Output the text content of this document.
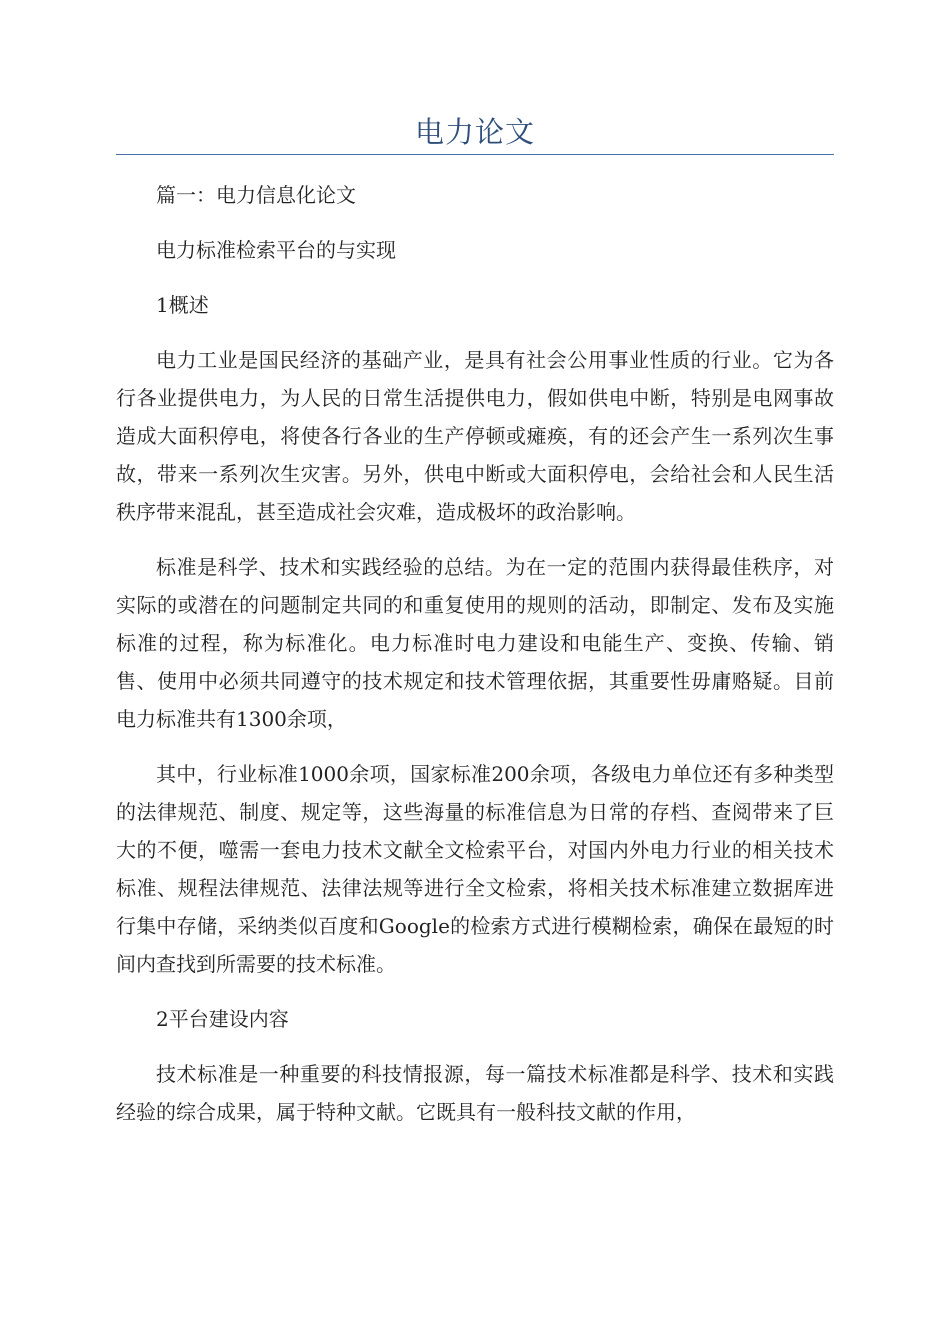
电力论文

篇一：电力信息化论文

电力标准检索平台的与实现

1概述

电力工业是国民经济的基础产业，是具有社会公用事业性质的行业。它为各行各业提供电力，为人民的日常生活提供电力，假如供电中断，特别是电网事故造成大面积停电，将使各行各业的生产停顿或瘫痪，有的还会产生一系列次生事故，带来一系列次生灾害。另外，供电中断或大面积停电，会给社会和人民生活秩序带来混乱，甚至造成社会灾难，造成极坏的政治影响。

标准是科学、技术和实践经验的总结。为在一定的范围内获得最佳秩序，对实际的或潜在的问题制定共同的和重复使用的规则的活动，即制定、发布及实施标准的过程，称为标准化。电力标准时电力建设和电能生产、变换、传输、销售、使用中必须共同遵守的技术规定和技术管理依据，其重要性毋庸赂疑。目前电力标准共有1300余项，

其中，行业标准1000余项，国家标准200余项，各级电力单位还有多种类型的法律规范、制度、规定等，这些海量的标准信息为日常的存档、查阅带来了巨大的不便，噬需一套电力技术文献全文检索平台，对国内外电力行业的相关技术标准、规程法律规范、法律法规等进行全文检索，将相关技术标准建立数据库进行集中存储，采纳类似百度和Google的检索方式进行模糊检索，确保在最短的时间内查找到所需要的技术标准。

2平台建设内容

技术标准是一种重要的科技情报源，每一篇技术标准都是科学、技术和实践经验的综合成果，属于特种文献。它既具有一般科技文献的作用，
